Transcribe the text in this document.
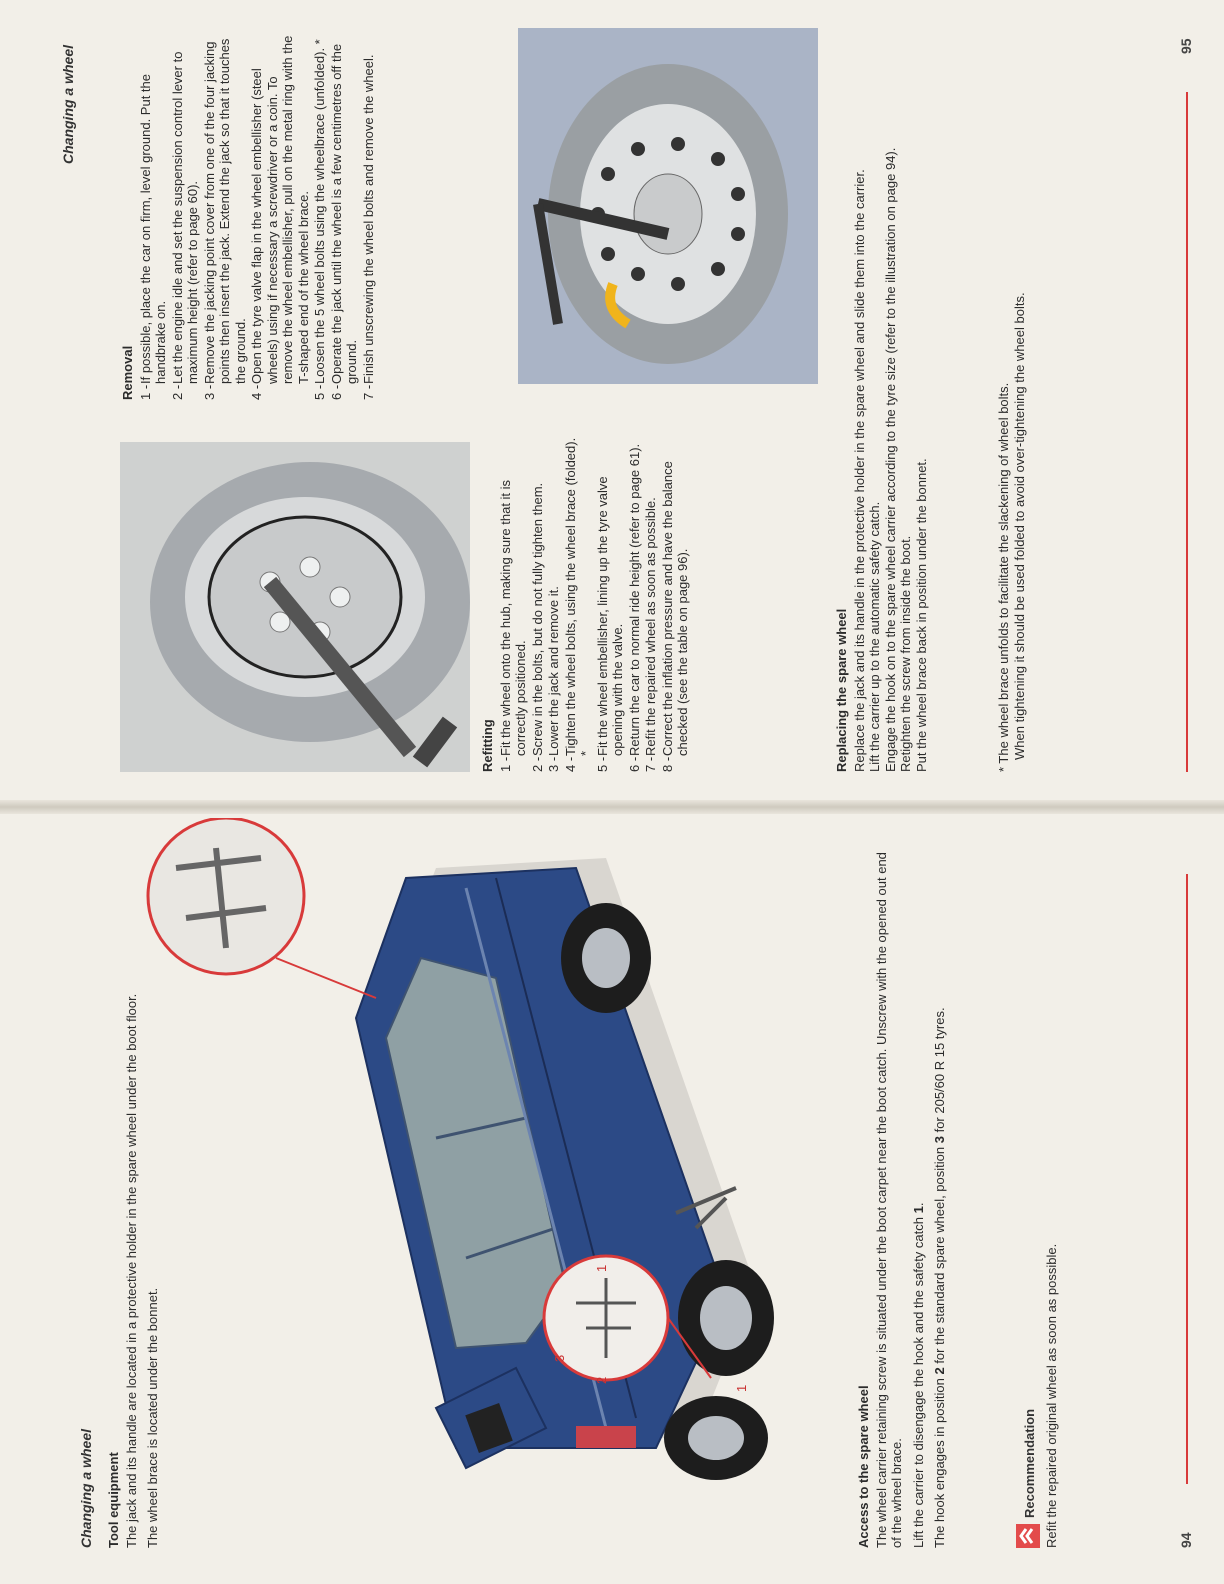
Changing a wheel Tool equipment The jack and its handle are located in a protective holder in the spare wheel under the boot floor. The wheel brace is located under the bonnet.	3
2
1
1	Access to the spare wheel The wheel carrier retaining screw is situated under the boot carpet near the boot catch. Unscrew with the opened out end of the wheel brace. Lift the carrier to disengage the hook and the safety catch 1.

The hook engages in position 2 for the standard spare wheel, position 3 for 205/60 R 15 tyres.

Recommendation Refit the repaired original wheel as soon as possible.	94
Changing a wheel
Removal 1 -
If possible, place the car on firm, level ground. Put the handbrake on.
2 -
Let the engine idle and set the suspension control lever to maximum height (refer to page 60).
3 -
Remove the jacking point cover from one of the four jacking points then insert the jack. Extend the jack so that it touches the ground.
4 -
Open the tyre valve flap in the wheel embellisher (steel wheels) using if necessary a screwdriver or a coin. To remove the wheel embellisher, pull on the metal ring with the T-shaped end of the wheel brace.
5 -
Loosen the 5 wheel bolts using the wheelbrace (unfolded). *
6 -
Operate the jack until the wheel is a few centimetres off the ground.
7 -
Finish unscrewing the wheel bolts and remove the wheel.
Refitting 1 -
Fit the wheel onto the hub, making sure that it is correctly positioned.
2 -
Screw in the bolts, but do not fully tighten them.
3 -
Lower the jack and remove it.
4 -
Tighten the wheel bolts, using the wheel brace (folded). *
5 -
Fit the wheel embellisher, lining up the tyre valve opening with the valve.
6 -
Return the car to normal ride height (refer to page 61).
7 -
Refit the repaired wheel as soon as possible.
8 -
Correct the inflation pressure and have the balance checked (see the table on page 96).	Replacing the spare wheel Replace the jack and its handle in the protective holder in the spare wheel and slide them into the carrier. Lift the carrier up to the automatic safety catch. Engage the hook on to the spare wheel carrier according to the tyre size (refer to the illustration on page 94). Retighten the screw from inside the boot. Put the wheel brace back in position under the bonnet.	* The wheel brace unfolds to facilitate the slackening of wheel bolts. When tightening it should be used folded to avoid over-tightening the wheel bolts.

95
